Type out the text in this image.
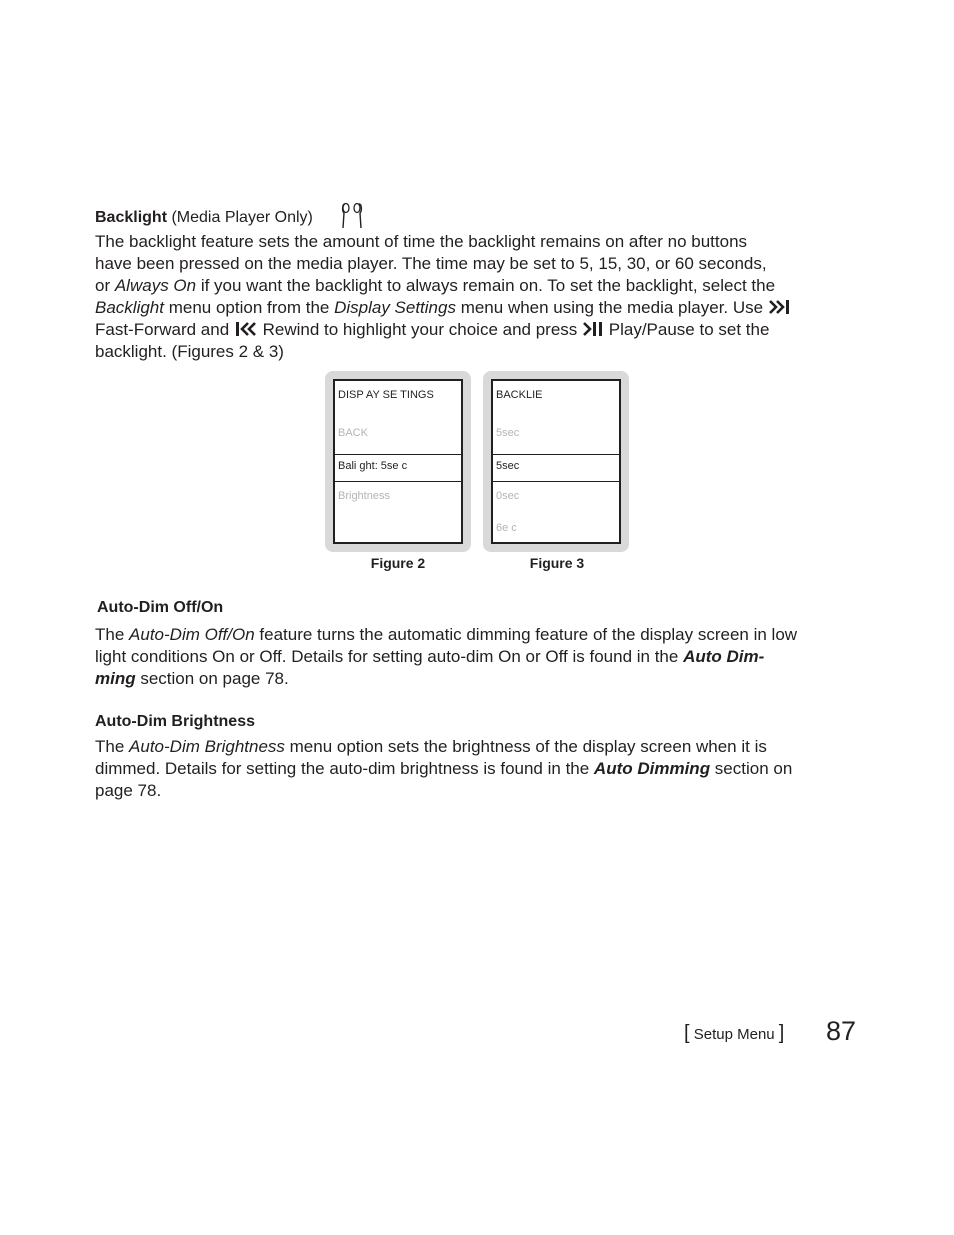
Backlight (Media Player Only)
The backlight feature sets the amount of time the backlight remains on after no buttons
have been pressed on the media player. The time may be set to 5, 15, 30, or 60 seconds,
or Always On if you want the backlight to always remain on. To set the backlight, select the
Backlight menu option from the Display Settings menu when using the media player. Use
Fast-Forward and  Rewind to highlight your choice and press  Play/Pause to set the
backlight. (Figures 2 & 3)
DISP AY SE TINGS
BACK
Bali ght: 5se c
Brightness
Figure 2
BACKLIE
5sec
5sec
0sec
6e c
Figure 3
Auto-Dim Off/On
The Auto-Dim Off/On feature turns the automatic dimming feature of the display screen in low
light conditions On or Off. Details for setting auto-dim On or Off is found in the Auto Dim-
ming section on page 78.
Auto-Dim Brightness
The Auto-Dim Brightness menu option sets the brightness of the display screen when it is
dimmed. Details for setting the auto-dim brightness is found in the Auto Dimming section on
page 78.
[ Setup Menu ] 87
